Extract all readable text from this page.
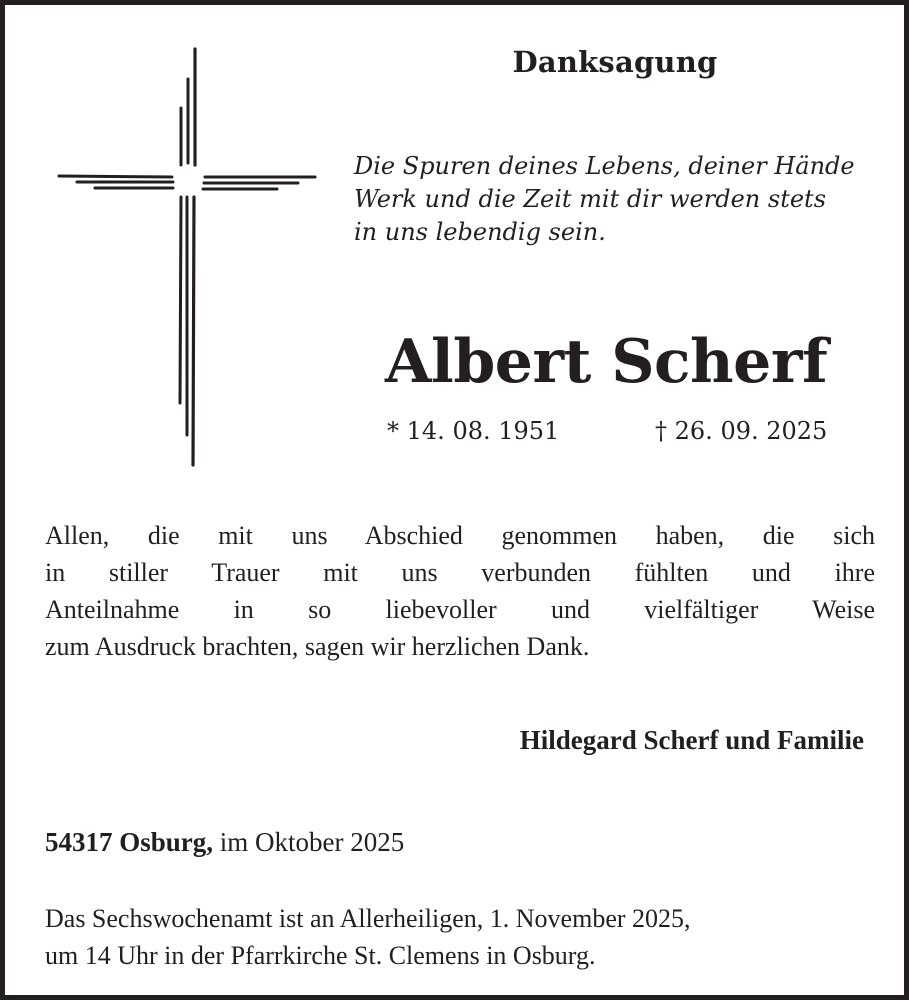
Danksagung
Die Spuren deines Lebens, deiner Hände
Werk und die Zeit mit dir werden stets
in uns lebendig sein.
Albert Scherf
* 14. 08. 1951	† 26. 09. 2025
Allen, die mit uns Abschied genommen haben, die sich
in stiller Trauer mit uns verbunden fühlten und ihre
Anteilnahme in so liebevoller und vielfältiger Weise
zum Ausdruck brachten, sagen wir herzlichen Dank.
Hildegard Scherf und Familie
54317 Osburg, im Oktober 2025
Das Sechswochenamt ist an Allerheiligen, 1. November 2025,
um 14 Uhr in der Pfarrkirche St. Clemens in Osburg.
